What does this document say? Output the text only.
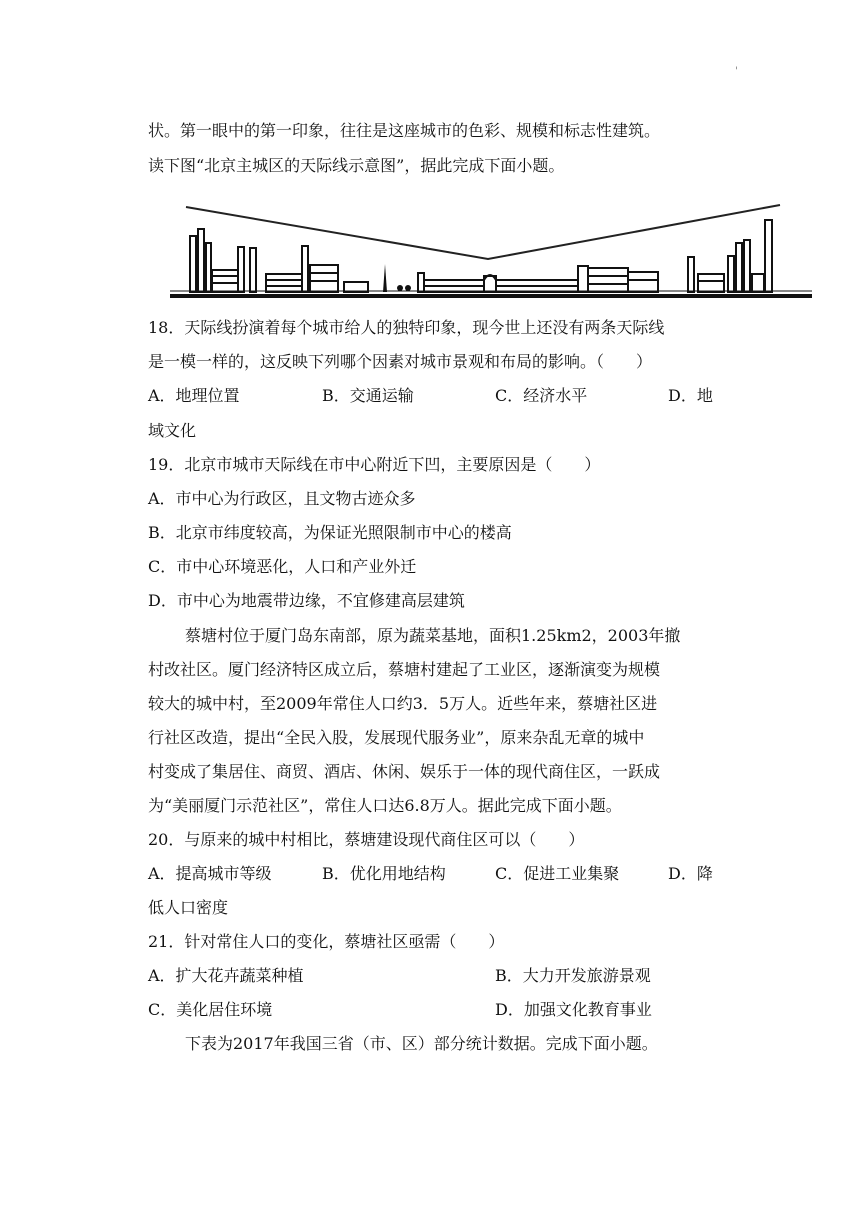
'
状。第一眼中的第一印象，往往是这座城市的色彩、规模和标志性建筑。
读下图“北京主城区的天际线示意图”，据此完成下面小题。
18．天际线扮演着每个城市给人的独特印象，现今世上还没有两条天际线
是一模一样的，这反映下列哪个因素对城市景观和布局的影响。（　　）
A．地理位置	B．交通运输	C．经济水平	D．地
域文化
19．北京市城市天际线在市中心附近下凹，主要原因是（　　）
A．市中心为行政区，且文物古迹众多
B．北京市纬度较高，为保证光照限制市中心的楼高
C．市中心环境恶化，人口和产业外迁
D．市中心为地震带边缘，不宜修建高层建筑
蔡塘村位于厦门岛东南部，原为蔬菜基地，面积1.25km2，2003年撤
村改社区。厦门经济特区成立后，蔡塘村建起了工业区，逐渐演变为规模
较大的城中村，至2009年常住人口约3．5万人。近些年来，蔡塘社区进
行社区改造，提出“全民入股，发展现代服务业”，原来杂乱无章的城中
村变成了集居住、商贸、酒店、休闲、娱乐于一体的现代商住区，一跃成
为“美丽厦门示范社区”，常住人口达6.8万人。据此完成下面小题。
20．与原来的城中村相比，蔡塘建设现代商住区可以（　　）
A．提高城市等级	B．优化用地结构	C．促进工业集聚	D．降
低人口密度
21．针对常住人口的变化，蔡塘社区亟需（　　）
A．扩大花卉蔬菜种植	B．大力开发旅游景观
C．美化居住环境	D．加强文化教育事业
下表为2017年我国三省（市、区）部分统计数据。完成下面小题。
